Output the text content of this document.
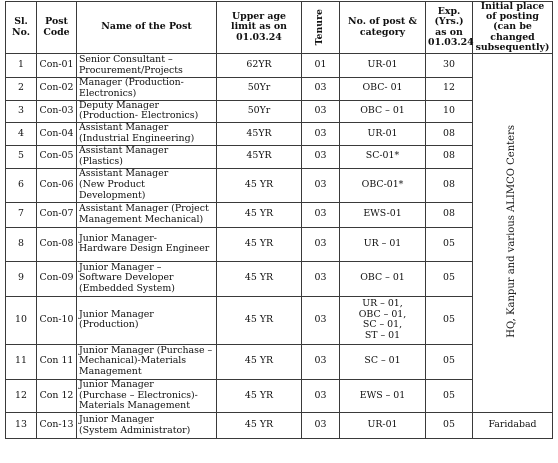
Sl. No.	Post Code	Name of the Post	Upper age limit as on 01.03.24	Tenure	No. of post & category	Exp. (Yrs.) as on 01.03.24	Initial place of posting (can be changed subsequently)
1	Con-01	Senior Consultant –
Procurement/Projects	62YR	01	UR-01	30	HQ, Kanpur and various ALIMCO Centers
2	Con-02	Manager (Production-
Electronics)	50Yr	03	OBC- 01	12	
3	Con-03	Deputy Manager
(Production- Electronics)	50Yr	03	OBC – 01	10	
4	Con-04	Assistant Manager
(Industrial Engineering)	45YR	03	UR-01	08	
5	Con-05	Assistant Manager
(Plastics)	45YR	03	SC-01*	08	
6	Con-06	Assistant Manager
(New Product
Development)	45 YR	03	OBC-01*	08	
7	Con-07	Assistant Manager (Project
Management Mechanical)	45 YR	03	EWS-01	08	
8	Con-08	Junior Manager-
Hardware Design Engineer	45 YR	03	UR – 01	05	
9	Con-09	Junior Manager –
Software Developer
(Embedded System)	45 YR	03	OBC – 01	05	
10	Con-10	Junior Manager
(Production)	45 YR	03	UR – 01,
OBC – 01,
SC – 01,
ST – 01	05	
11	Con 11	Junior Manager (Purchase –
Mechanical)-Materials
Management	45 YR	03	SC – 01	05	
12	Con 12	Junior Manager
(Purchase – Electronics)-
Materials Management	45 YR	03	EWS – 01	05	
13	Con-13	Junior Manager
(System Administrator)	45 YR	03	UR-01	05	Faridabad
